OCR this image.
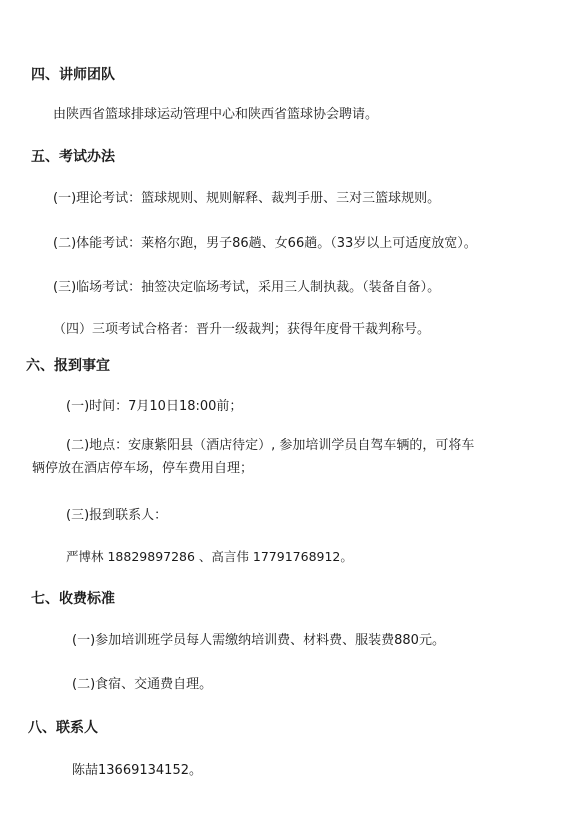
四、讲师团队
由陕西省篮球排球运动管理中心和陕西省篮球协会聘请。
五、考试办法
(一)理论考试：篮球规则、规则解释、裁判手册、三对三篮球规则。
(二)体能考试：莱格尔跑，男子86趟、女66趟。（33岁以上可适度放宽）。
(三)临场考试：抽签决定临场考试，采用三人制执裁。（装备自备）。
（四）三项考试合格者：晋升一级裁判；获得年度骨干裁判称号。
六、报到事宜
(一)时间：7月10日18:00前；
(二)地点：安康紫阳县（酒店待定）, 参加培训学员自驾车辆的，可将车
辆停放在酒店停车场，停车费用自理；
(三)报到联系人：
严博林 18829897286 、高言伟 17791768912。
七、收费标准
(一)参加培训班学员每人需缴纳培训费、材料费、服装费880元。
(二)食宿、交通费自理。
八、联系人
陈喆13669134152。
